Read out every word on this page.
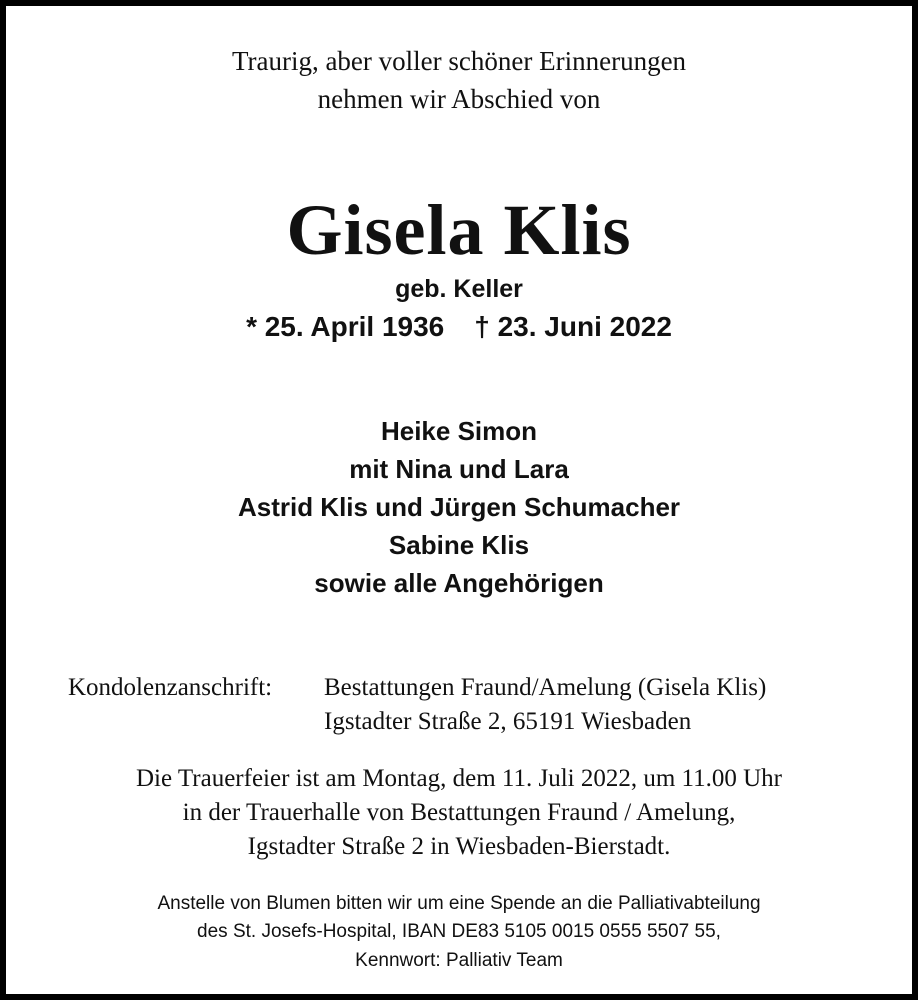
Traurig, aber voller schöner Erinnerungen
nehmen wir Abschied von
Gisela Klis
geb. Keller
* 25. April 1936 † 23. Juni 2022
Heike Simon
mit Nina und Lara
Astrid Klis und Jürgen Schumacher
Sabine Klis
sowie alle Angehörigen
Kondolenzanschrift: Bestattungen Fraund/Amelung (Gisela Klis)
Igstadter Straße 2, 65191 Wiesbaden
Die Trauerfeier ist am Montag, dem 11. Juli 2022, um 11.00 Uhr
in der Trauerhalle von Bestattungen Fraund / Amelung,
Igstadter Straße 2 in Wiesbaden-Bierstadt.
Anstelle von Blumen bitten wir um eine Spende an die Palliativabteilung
des St. Josefs-Hospital, IBAN DE83 5105 0015 0555 5507 55,
Kennwort: Palliativ Team
